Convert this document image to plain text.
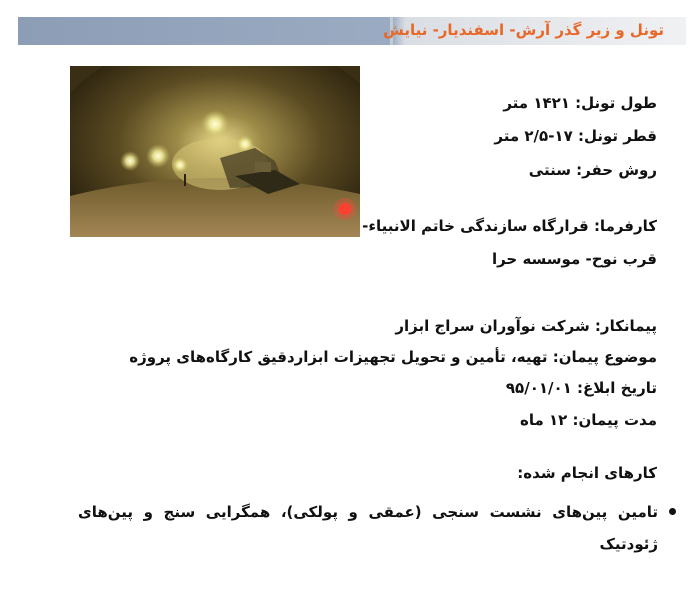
تونل و زیر گذر آرش- اسفندیار- نیایش
طول تونل: ۱۴۲۱ متر
قطر تونل: ۱۷-۲/۵ متر
روش حفر: سنتی
کارفرما: قرارگاه سازندگی خاتم الانبیاء-
قرب نوح- موسسه حرا
پیمانکار: شرکت نوآوران سراج ابزار
موضوع پیمان: تهیه، تأمین و تحویل تجهیزات ابزاردقیق کارگاه‌های پروژه
تاریخ ابلاغ: ۹۵/۰۱/۰۱
مدت پیمان: ۱۲ ماه
کارهای انجام شده:
تامین پین‌های نشست سنجی (عمقی و پولکی)، همگرایی سنج و پین‌های ژئودتیک
